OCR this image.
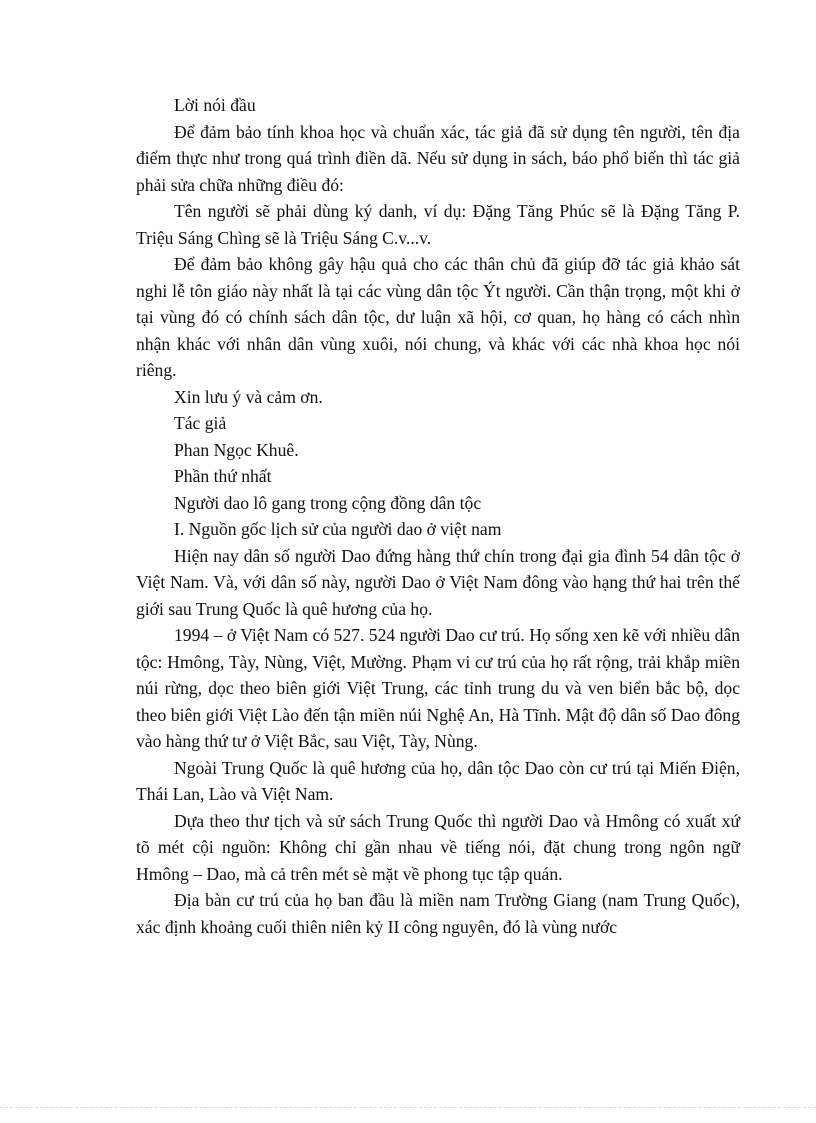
Lời nói đầu

Để đảm bảo tính khoa học và chuẩn xác, tác giả đã sử dụng tên người, tên địa điểm thực như trong quá trình điền dã. Nếu sử dụng in sách, báo phổ biến thì tác giả phải sửa chữa những điều đó:

Tên người sẽ phải dùng ký danh, ví dụ: Đặng Tăng Phúc sẽ là Đặng Tăng P. Triệu Sáng Chìng sẽ là Triệu Sáng C.v...v.

Để đảm bảo không gây hậu quả cho các thân chủ đã giúp đỡ tác giả khảo sát nghi lễ tôn giáo này nhất là tại các vùng dân tộc Ýt người. Cần thận trọng, một khi ở tại vùng đó có chính sách dân tộc, dư luận xã hội, cơ quan, họ hàng có cách nhìn nhận khác với nhân dân vùng xuôi, nói chung, và khác với các nhà khoa học nói riêng.

Xin lưu ý và cảm ơn.

Tác giả

Phan Ngọc Khuê.

Phần thứ nhất

Người dao lô gang trong cộng đồng dân tộc

I. Nguồn gốc lịch sử của người dao ở việt nam

Hiện nay dân số người Dao đứng hàng thứ chín trong đại gia đình 54 dân tộc ở Việt Nam. Và, với dân số này, người Dao ở Việt Nam đông vào hạng thứ hai trên thế giới sau Trung Quốc là quê hương của họ.

1994 – ở Việt Nam có 527. 524 người Dao cư trú. Họ sống xen kẽ với nhiều dân tộc: Hmông, Tày, Nùng, Việt, Mường. Phạm vi cư trú của họ rất rộng, trải khắp miền núi rừng, dọc theo biên giới Việt Trung, các tỉnh trung du và ven biển bắc bộ, dọc theo biên giới Việt Lào đến tận miền núi Nghệ An, Hà Tĩnh. Mật độ dân số Dao đông vào hàng thứ tư ở Việt Bắc, sau Việt, Tày, Nùng.

Ngoài Trung Quốc là quê hương của họ, dân tộc Dao còn cư trú tại Miến Điện, Thái Lan, Lào và Việt Nam.

Dựa theo thư tịch và sử sách Trung Quốc thì người Dao và Hmông có xuất xứ tõ mét cội nguồn: Không chỉ gần nhau về tiếng nói, đặt chung trong ngôn ngữ Hmông – Dao, mà cả trên mét sè mặt về phong tục tập quán.

Địa bàn cư trú của họ ban đầu là miền nam Trường Giang (nam Trung Quốc), xác định khoảng cuối thiên niên kỷ II công nguyên, đó là vùng nước
